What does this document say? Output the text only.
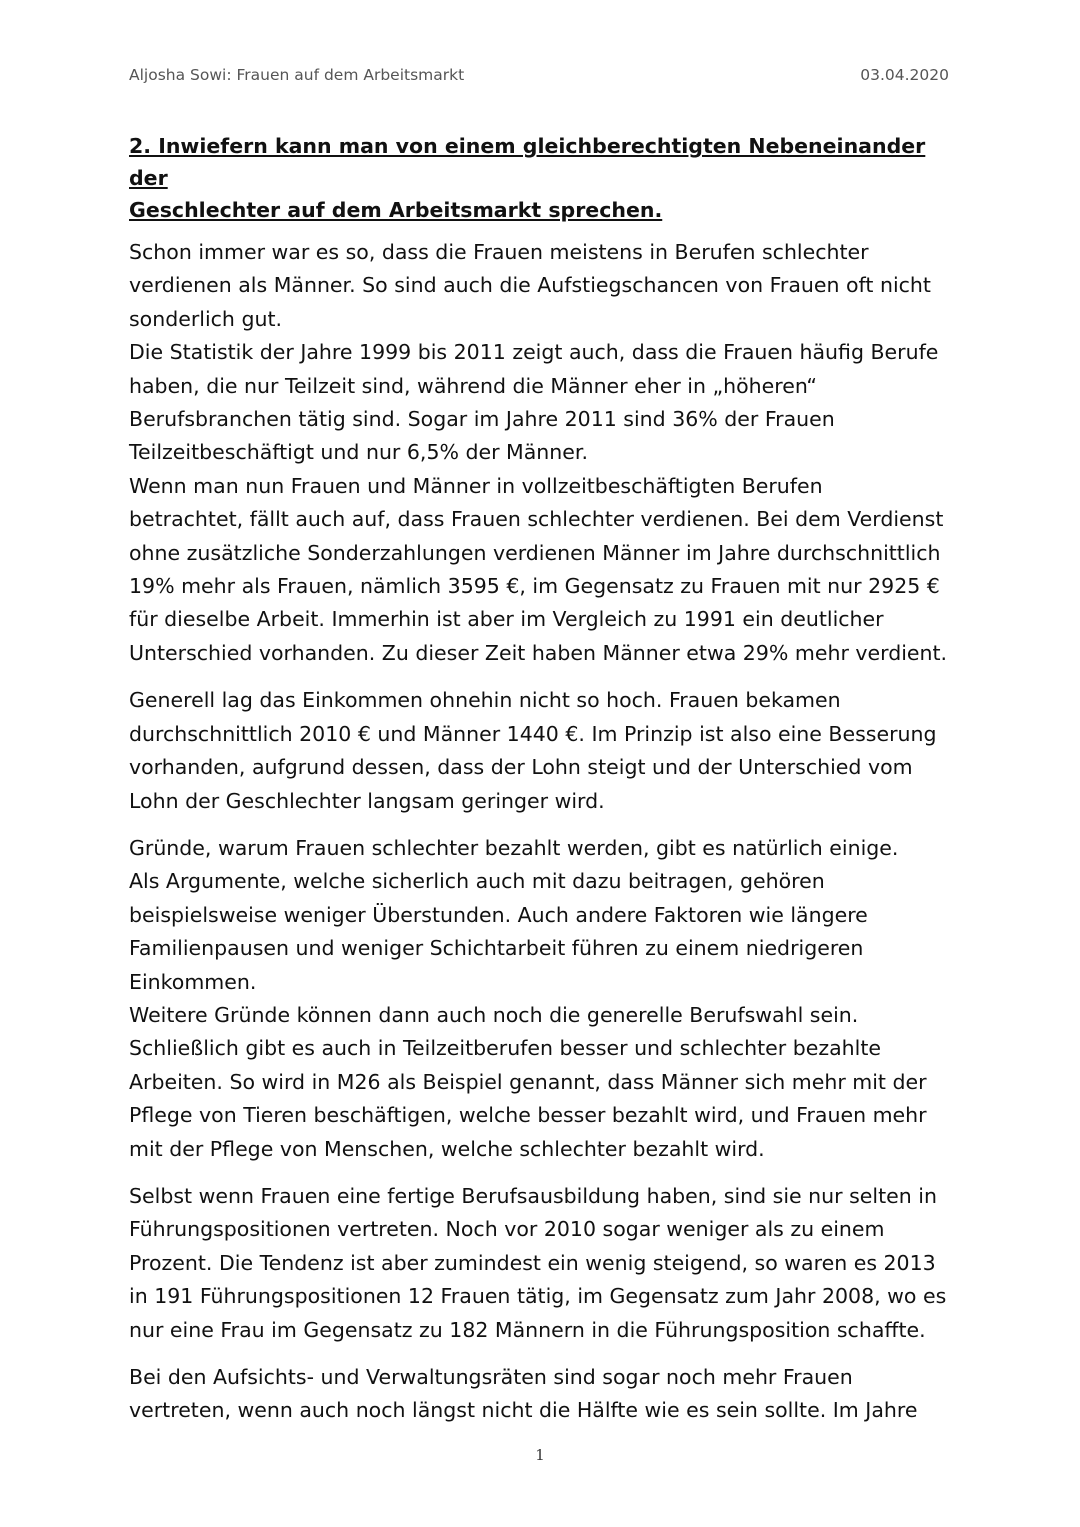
Aljosha Sowi: Frauen auf dem Arbeitsmarkt	03.04.2020
2. Inwiefern kann man von einem gleichberechtigten Nebeneinander der
Geschlechter auf dem Arbeitsmarkt sprechen.
Schon immer war es so, dass die Frauen meistens in Berufen schlechter
verdienen als Männer. So sind auch die Aufstiegschancen von Frauen oft nicht
sonderlich gut.
Die Statistik der Jahre 1999 bis 2011 zeigt auch, dass die Frauen häufig Berufe
haben, die nur Teilzeit sind, während die Männer eher in „höheren“
Berufsbranchen tätig sind. Sogar im Jahre 2011 sind 36% der Frauen
Teilzeitbeschäftigt und nur 6,5% der Männer.
Wenn man nun Frauen und Männer in vollzeitbeschäftigten Berufen
betrachtet, fällt auch auf, dass Frauen schlechter verdienen. Bei dem Verdienst
ohne zusätzliche Sonderzahlungen verdienen Männer im Jahre durchschnittlich
19% mehr als Frauen, nämlich 3595 €, im Gegensatz zu Frauen mit nur 2925 €
für dieselbe Arbeit. Immerhin ist aber im Vergleich zu 1991 ein deutlicher
Unterschied vorhanden. Zu dieser Zeit haben Männer etwa 29% mehr verdient.
Generell lag das Einkommen ohnehin nicht so hoch. Frauen bekamen
durchschnittlich 2010 € und Männer 1440 €. Im Prinzip ist also eine Besserung
vorhanden, aufgrund dessen, dass der Lohn steigt und der Unterschied vom
Lohn der Geschlechter langsam geringer wird.
Gründe, warum Frauen schlechter bezahlt werden, gibt es natürlich einige.
Als Argumente, welche sicherlich auch mit dazu beitragen, gehören
beispielsweise weniger Überstunden. Auch andere Faktoren wie längere
Familienpausen und weniger Schichtarbeit führen zu einem niedrigeren
Einkommen.
Weitere Gründe können dann auch noch die generelle Berufswahl sein.
Schließlich gibt es auch in Teilzeitberufen besser und schlechter bezahlte
Arbeiten. So wird in M26 als Beispiel genannt, dass Männer sich mehr mit der
Pflege von Tieren beschäftigen, welche besser bezahlt wird, und Frauen mehr
mit der Pflege von Menschen, welche schlechter bezahlt wird.
Selbst wenn Frauen eine fertige Berufsausbildung haben, sind sie nur selten in
Führungspositionen vertreten. Noch vor 2010 sogar weniger als zu einem
Prozent. Die Tendenz ist aber zumindest ein wenig steigend, so waren es 2013
in 191 Führungspositionen 12 Frauen tätig, im Gegensatz zum Jahr 2008, wo es
nur eine Frau im Gegensatz zu 182 Männern in die Führungsposition schaffte.
Bei den Aufsichts- und Verwaltungsräten sind sogar noch mehr Frauen
vertreten, wenn auch noch längst nicht die Hälfte wie es sein sollte. Im Jahre
1
